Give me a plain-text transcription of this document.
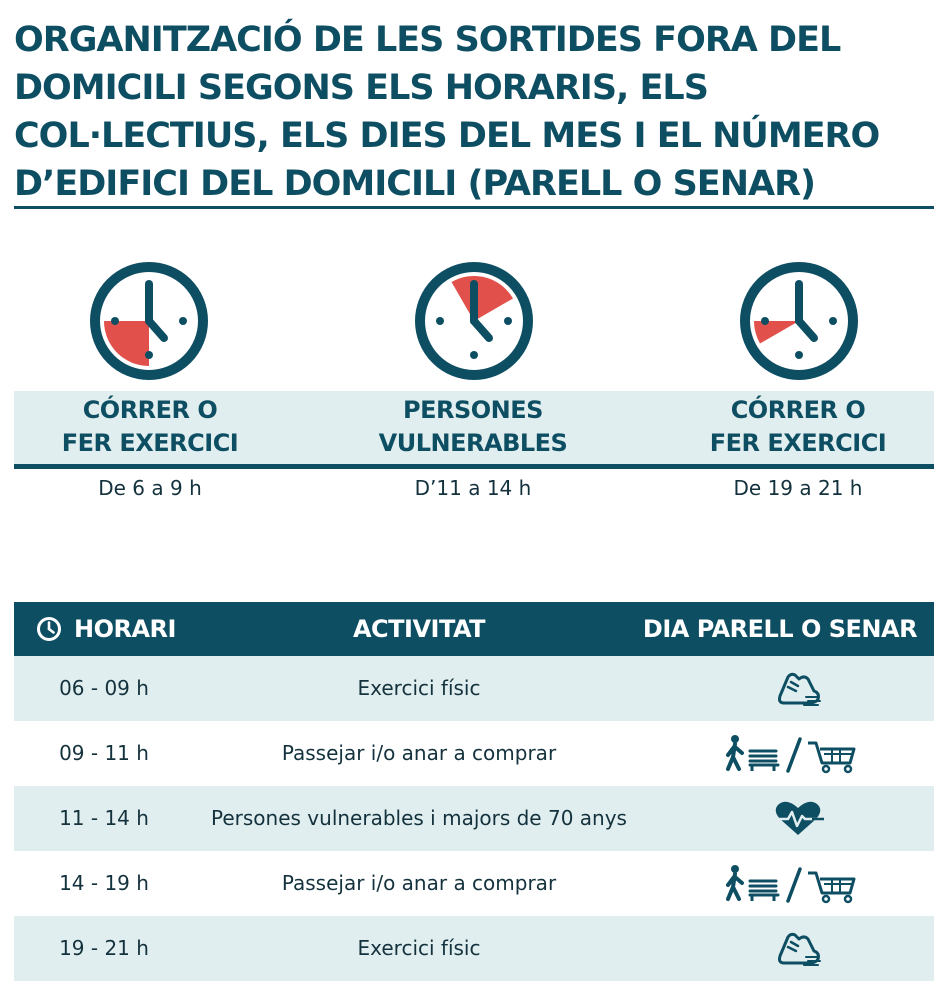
ORGANITZACIÓ DE LES SORTIDES FORA DEL DOMICILI SEGONS ELS HORARIS, ELS COL·LECTIUS, ELS DIES DEL MES I EL NÚMERO D’EDIFICI DEL DOMICILI (PARELL O SENAR)
CÓRRER O
FER EXERCICI
PERSONES
VULNERABLES
CÓRRER O
FER EXERCICI
De 6 a 9 h	D’11 a 14 h	De 19 a 21 h
HORARI	ACTIVITAT	DIA PARELL O SENAR
06 - 09 h	Exercici físic
09 - 11 h	Passejar i/o anar a comprar
11 - 14 h	Persones vulnerables i majors de 70 anys
14 - 19 h	Passejar i/o anar a comprar
19 - 21 h	Exercici físic
